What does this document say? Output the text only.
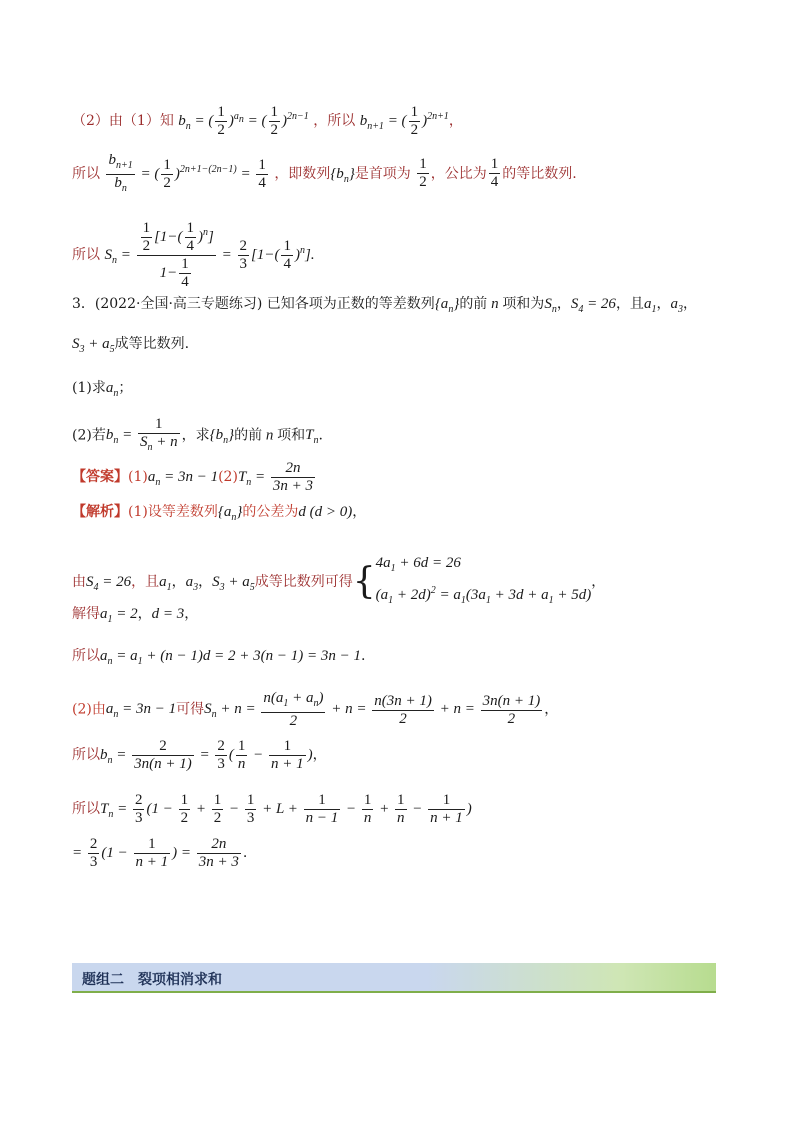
（2）由（1）知 $b_n$ = ( $\frac{1}{2} )^{a_n}$ = ( $\frac{1}{2} )^{2n-1}$ ，所以 $b_{n+1}$ = ( $\frac{1}{2} )^{2n+1}$，
所以 $\frac{b_{n+1}}{b_n}$ = ( $\frac{1}{2} )^{2n+1-(2n-1)} = \frac{1}{4}$ ，即数列$\{b_n\}$是首项为 $\frac{1}{2}$ ，公比为 $\frac{1}{4}$ 的等比数列.
所以 $S_n = \frac{\frac{1}{2} [1-( \frac{1}{4} )^n]}{1- \frac{1}{4}} = \frac{2}{3} [1-( \frac{1}{4} )^n]$.
3．(2022·全国·高三专题练习) 已知各项为正数的等差数列$\{a_n\}$的前 n 项和为$S_n$，$S_4 = 26$，且$a_1$，$a_3$，
$S_3 + a_5$成等比数列.
(1)求$a_n$；
(2)若$b_n = \frac{1}{S_n + n}$ ，求$\{b_n\}$的前 n 项和$T_n$.
【答案】$(1)a_n = 3n - 1(2)T_n = \frac{2n}{3n + 3}$
【解析】(1)设等差数列$\{a_n\}$的公差为d (d > 0)，
由$S_4 = 26$，且$a_1$，$a_3$，$S_3 + a_5$成等比数列可得{ $4a_1 + 6d = 26$
$(a_1 + 2d)^2 = a_1(3a_1 + 3d + a_1 + 5d)$
，
解得$a_1 = 2$，d = 3，
所以$a_n = a_1 + (n - 1)d = 2 + 3(n - 1) = 3n - 1$.
(2)由$a_n = 3n - 1$可得$S_n + n = \frac{n(a_1 + a_n)}{2} + n = \frac{n(3n + 1)}{2} + n = \frac{3n(n + 1)}{2}$ ，
所以$b_n = \frac{2}{3n(n + 1)} = \frac{2}{3}$ ( $\frac{1}{n} - \frac{1}{n + 1}$ )，
所以$T_n = \frac{2}{3} (1 - \frac{1}{2} + \frac{1}{2} - \frac{1}{3} + L + \frac{1}{n - 1} - \frac{1}{n} + \frac{1}{n} - \frac{1}{n + 1}$ )
= $\frac{2}{3} (1 - \frac{1}{n + 1}$ ) = $\frac{2n}{3n + 3}$ .
题组二　裂项相消求和
